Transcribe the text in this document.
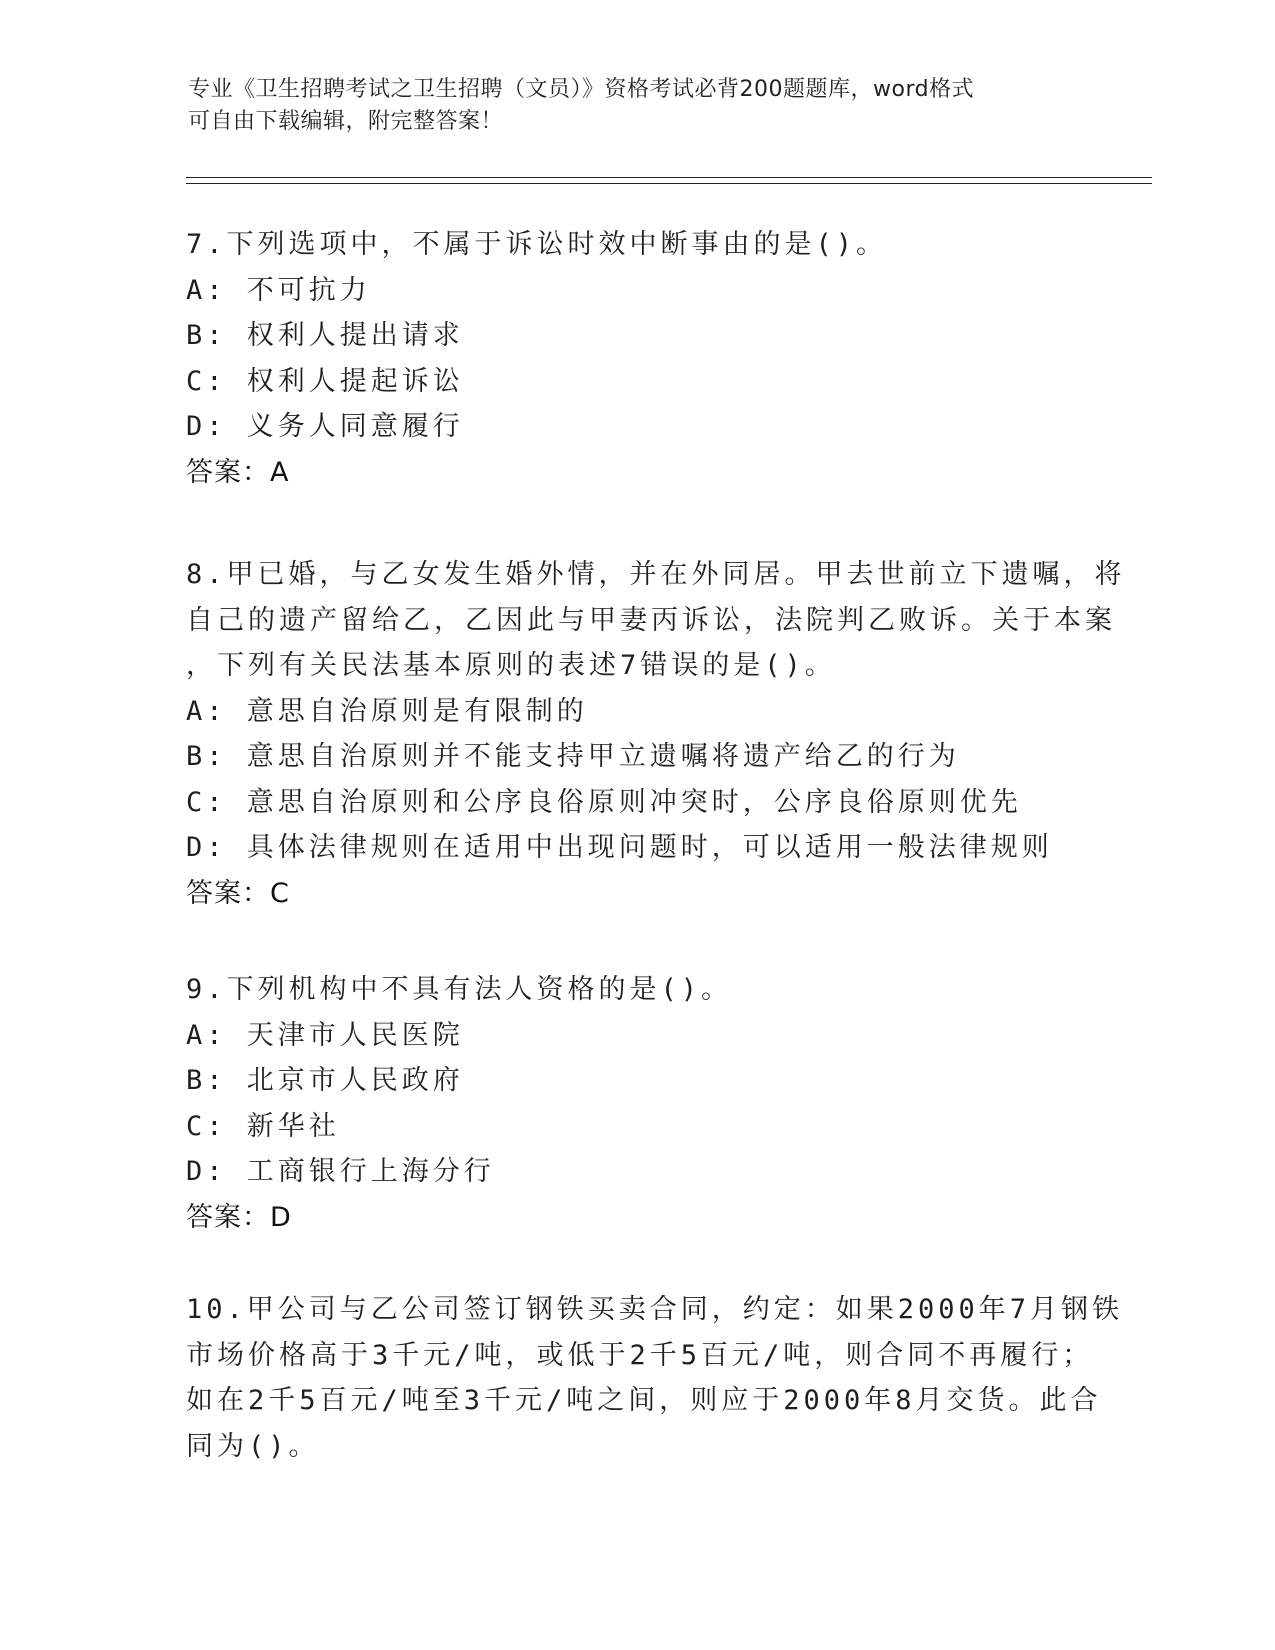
专业《卫生招聘考试之卫生招聘（文员）》资格考试必背200题题库，word格式
可自由下载编辑，附完整答案！
7.下列选项中，不属于诉讼时效中断事由的是()。
A: 不可抗力
B: 权利人提出请求
C: 权利人提起诉讼
D: 义务人同意履行
答案：A
8.甲已婚，与乙女发生婚外情，并在外同居。甲去世前立下遗嘱，将
自己的遗产留给乙，乙因此与甲妻丙诉讼，法院判乙败诉。关于本案
，下列有关民法基本原则的表述7错误的是()。
A: 意思自治原则是有限制的
B: 意思自治原则并不能支持甲立遗嘱将遗产给乙的行为
C: 意思自治原则和公序良俗原则冲突时，公序良俗原则优先
D: 具体法律规则在适用中出现问题时，可以适用一般法律规则
答案：C
9.下列机构中不具有法人资格的是()。
A: 天津市人民医院
B: 北京市人民政府
C: 新华社
D: 工商银行上海分行
答案：D
10.甲公司与乙公司签订钢铁买卖合同，约定：如果2000年7月钢铁
市场价格高于3千元/吨，或低于2千5百元/吨，则合同不再履行；
如在2千5百元/吨至3千元/吨之间，则应于2000年8月交货。此合
同为()。
